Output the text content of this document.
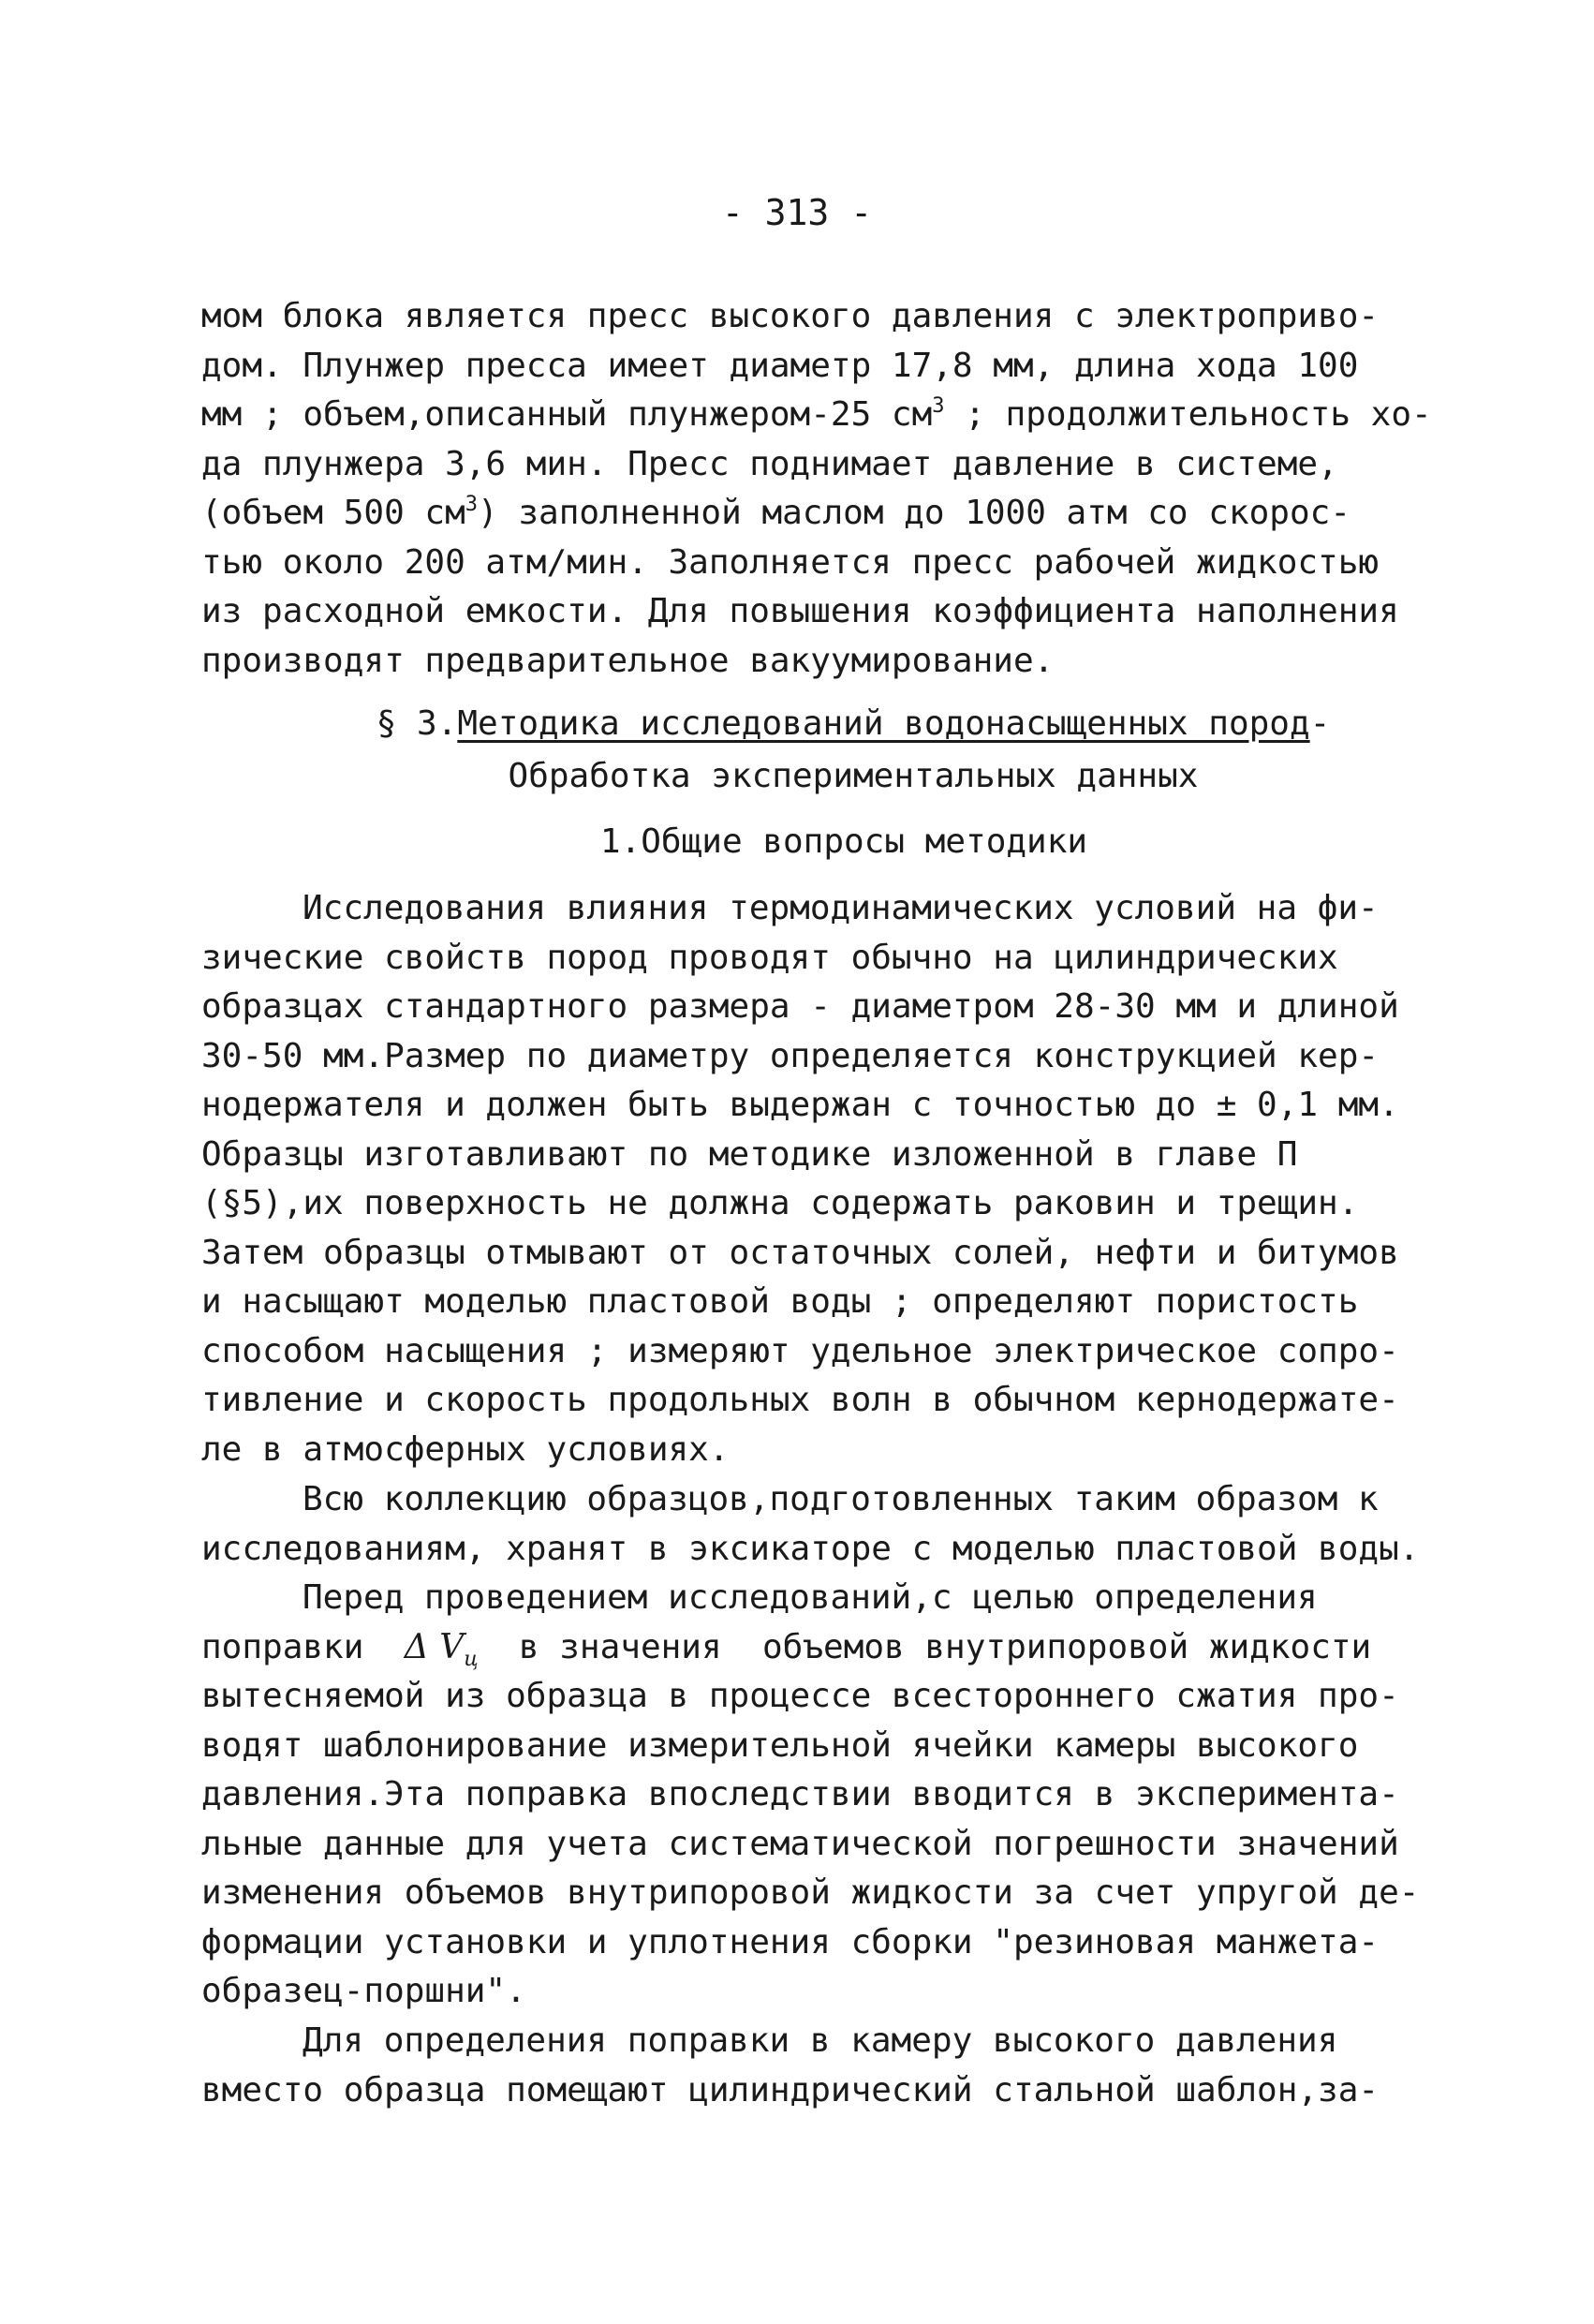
- 313 -
мом блока является пресс высокого давления с электроприво-
дом. Плунжер пресса имеет диаметр 17,8 мм, длина хода 100
мм ; объем,описанный плунжером-25 $см^3$ ; продолжительность хо-
да плунжера 3,6 мин. Пресс поднимает давление в системе,
(объем 500 $см^3$) заполненной маслом до 1000 атм со скорос-
тью около 200 атм/мин. Заполняется пресс рабочей жидкостью
из расходной емкости. Для повышения коэффициента наполнения
производят предварительное вакуумирование.
§ 3.Методика исследований водонасыщенных пород-
Обработка экспериментальных данных
1.Общие вопросы методики
Исследования влияния термодинамических условий на фи-
зические свойств пород проводят обычно на цилиндрических
образцах стандартного размера - диаметром 28-30 мм и длиной
30-50 мм.Размер по диаметру определяется конструкцией кер-
нодержателя и должен быть выдержан с точностью до ± 0,1 мм.
Образцы изготавливают по методике изложенной в главе П
(§5),их поверхность не должна содержать раковин и трещин.
Затем образцы отмывают от остаточных солей, нефти и битумов
и насыщают моделью пластовой воды ; определяют пористость
способом насыщения ; измеряют удельное электрическое сопро-
тивление и скорость продольных волн в обычном кернодержате-
ле в атмосферных условиях.
Всю коллекцию образцов,подготовленных таким образом к
исследованиям, хранят в эксикаторе с моделью пластовой воды.
Перед проведением исследований,с целью определения
поправки  Δ $V_ц$  в значения  объемов внутрипоровой жидкости
вытесняемой из образца в процессе всестороннего сжатия про-
водят шаблонирование измерительной ячейки камеры высокого
давления.Эта поправка впоследствии вводится в эксперимента-
льные данные для учета систематической погрешности значений
изменения объемов внутрипоровой жидкости за счет упругой де-
формации установки и уплотнения сборки "резиновая манжета-
образец-поршни".
Для определения поправки в камеру высокого давления
вместо образца помещают цилиндрический стальной шаблон,за-
